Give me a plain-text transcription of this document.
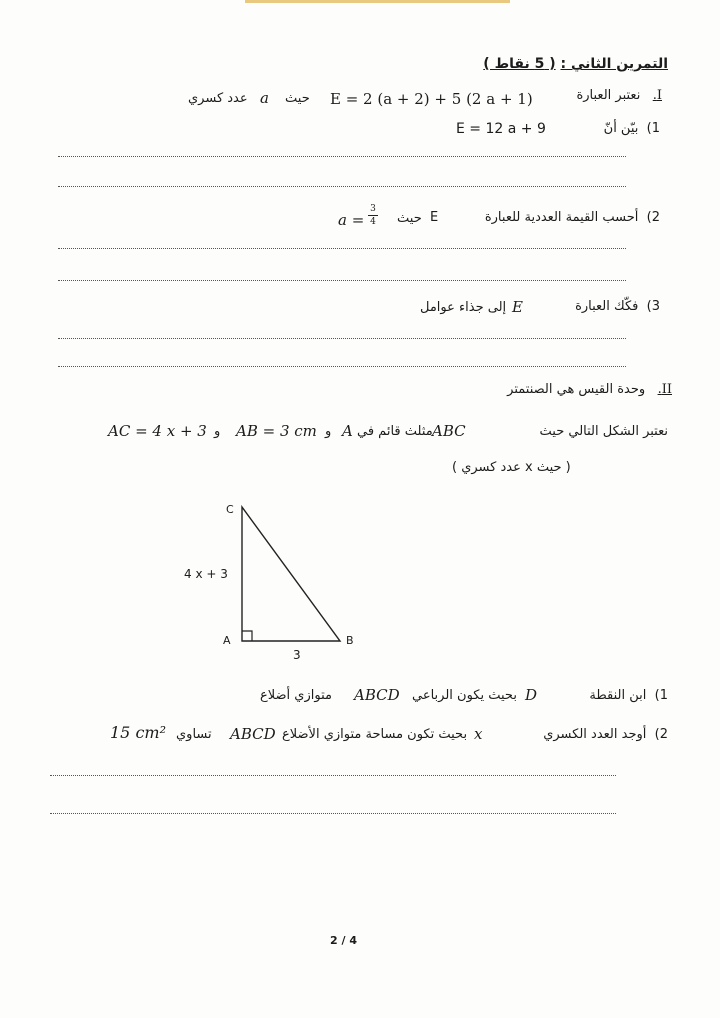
التمرين الثاني : ( 5 نقاط )
I.   نعتبر العبارة
E = 2 (a + 2) + 5 (2 a + 1)
حيث
a
عدد كسري
1)  بيّن أنّ
E = 12 a + 9
2)  أحسب القيمة العددية للعبارة
E
حيث
a =
3
4
3)  فكّك العبارة
E
إلى جذاء عوامل
II.   وحدة القيس هي الصنتمتر
نعتبر الشكل التالي حيث
ABC
مثلث قائم في
A
و
AB = 3 cm
و
AC = 4 x + 3
( حيث x عدد كسري )
C
A	B
4 x + 3
3
1)  ابن النقطة
D
بحيث يكون الرباعي
ABCD
متوازي أضلاع
2)  أوجد العدد الكسري
x
بحيث تكون مساحة متوازي الأضلاع
ABCD
تساوي
15 cm²
2 / 4
